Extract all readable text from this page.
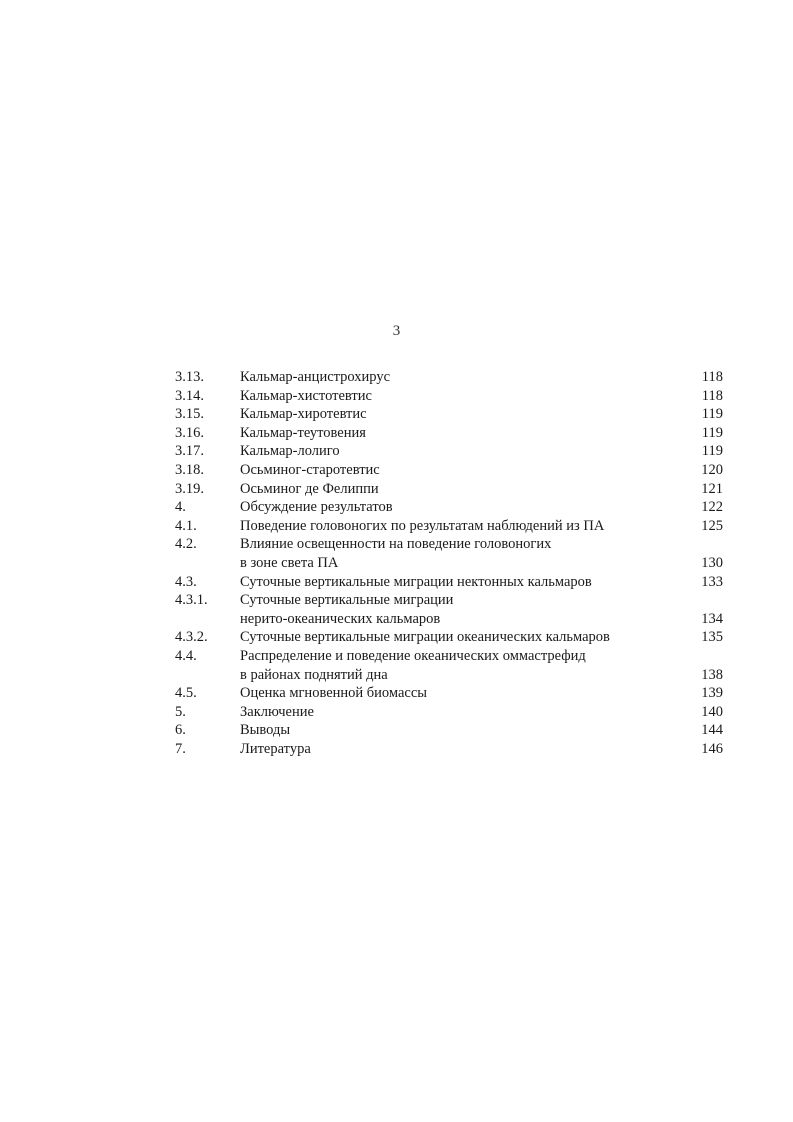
3
3.13. Кальмар-анцистрохирус	118
3.14. Кальмар-хистотевтис	118
3.15. Кальмар-хиротевтис	119
3.16. Кальмар-теутовения	119
3.17. Кальмар-лолиго	119
3.18. Осьминог-старотевтис	120
3.19. Осьминог де Фелиппи	121
4.	Обсуждение результатов	122
4.1.	Поведение головоногих по результатам наблюдений из ПА	125
4.2.	Влияние освещенности на поведение головоногих
в зоне света ПА	130
4.3.	Суточные вертикальные миграции нектонных кальмаров	133
4.3.1. Суточные вертикальные миграции
нерито-океанических кальмаров	134
4.3.2. Суточные вертикальные миграции океанических кальмаров	135
4.4.	Распределение и поведение океанических оммастрефид
в районах поднятий дна	138
4.5.	Оценка мгновенной биомассы	139
5.	Заключение	140
6.	Выводы	144
7.	Литература	146
